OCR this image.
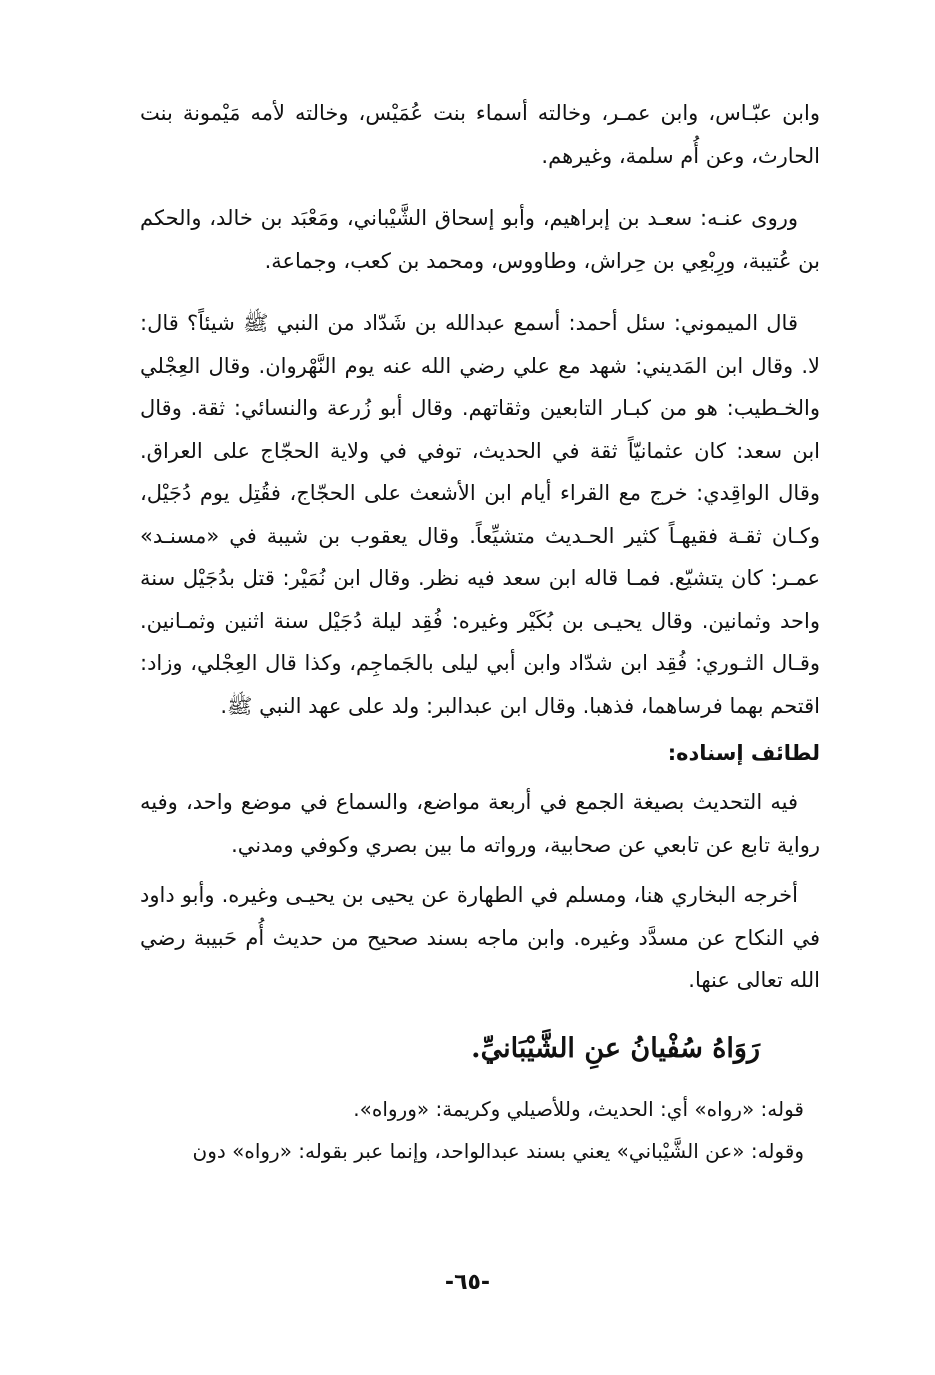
وابن عبّـاس، وابن عمـر، وخالته أسماء بنت عُمَيْس، وخالته لأمه مَيْمونة بنت الحارث، وعن أُم سلمة، وغيرهم.

وروى عنـه: سعـد بن إبراهيم، وأبو إسحاق الشَّيْباني، ومَعْبَد بن خالد، والحكم بن عُتيبة، ورِبْعِي بن حِراش، وطاووس، ومحمد بن كعب، وجماعة.

قال الميموني: سئل أحمد: أسمع عبدالله بن شَدّاد من النبي ﷺ شيئاً؟ قال: لا. وقال ابن المَديني: شهد مع علي رضي الله عنه يوم النَّهْروان. وقال العِجْلي والخـطيب: هو من كبـار التابعين وثقاتهم. وقال أبو زُرعة والنسائي: ثقة. وقال ابن سعد: كان عثمانيّاً ثقة في الحديث، توفي في ولاية الحجّاج على العراق. وقال الواقِدي: خرج مع القراء أيام ابن الأشعث على الحجّاج، فقُتِل يوم دُجَيْل، وكـان ثقـة فقيهـاً كثير الحـديث متشيِّعاً. وقال يعقوب بن شيبة في «مسنـد» عمـر: كان يتشيّع. فمـا قاله ابن سعد فيه نظر. وقال ابن نُمَيْر: قتل بدُجَيْل سنة واحد وثمانين. وقال يحيـى بن بُكَيْر وغيره: فُقِد ليلة دُجَيْل سنة اثنين وثمـانين. وقـال الثـوري: فُقِد ابن شدّاد وابن أبي ليلى بالجَماجِم، وكذا قال العِجْلي، وزاد: اقتحم بهما فرساهما، فذهبا. وقال ابن عبدالبر: ولد على عهد النبي ﷺ.

لطائف إسناده:

فيه التحديث بصيغة الجمع في أربعة مواضع، والسماع في موضع واحد، وفيه رواية تابع عن تابعي عن صحابية، ورواته ما بين بصري وكوفي ومدني.

أخرجه البخاري هنا، ومسلم في الطهارة عن يحيى بن يحيـى وغيره. وأبو داود في النكاح عن مسدَّد وغيره. وابن ماجه بسند صحيح من حديث أُم حَبيبة رضي الله تعالى عنها.

رَوَاهُ سُفْيانُ عنِ الشَّيْبَانيِّ.

قوله: «رواه» أي: الحديث، وللأصيلي وكريمة: «ورواه».

وقوله: «عن الشَّيْباني» يعني بسند عبدالواحد، وإنما عبر بقوله: «رواه» دون

-٦٥-
